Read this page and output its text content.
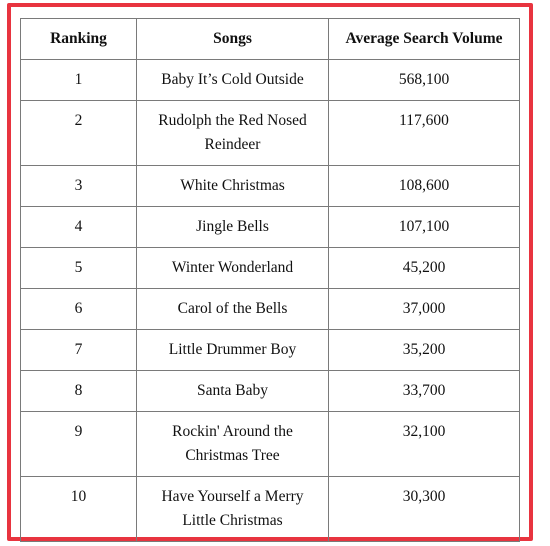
Ranking	Songs	Average Search Volume
1	Baby It’s Cold Outside	568,100
2	Rudolph the Red Nosed Reindeer	117,600
3	White Christmas	108,600
4	Jingle Bells	107,100
5	Winter Wonderland	45,200
6	Carol of the Bells	37,000
7	Little Drummer Boy	35,200
8	Santa Baby	33,700
9	Rockin' Around the Christmas Tree	32,100
10	Have Yourself a Merry Little Christmas	30,300
